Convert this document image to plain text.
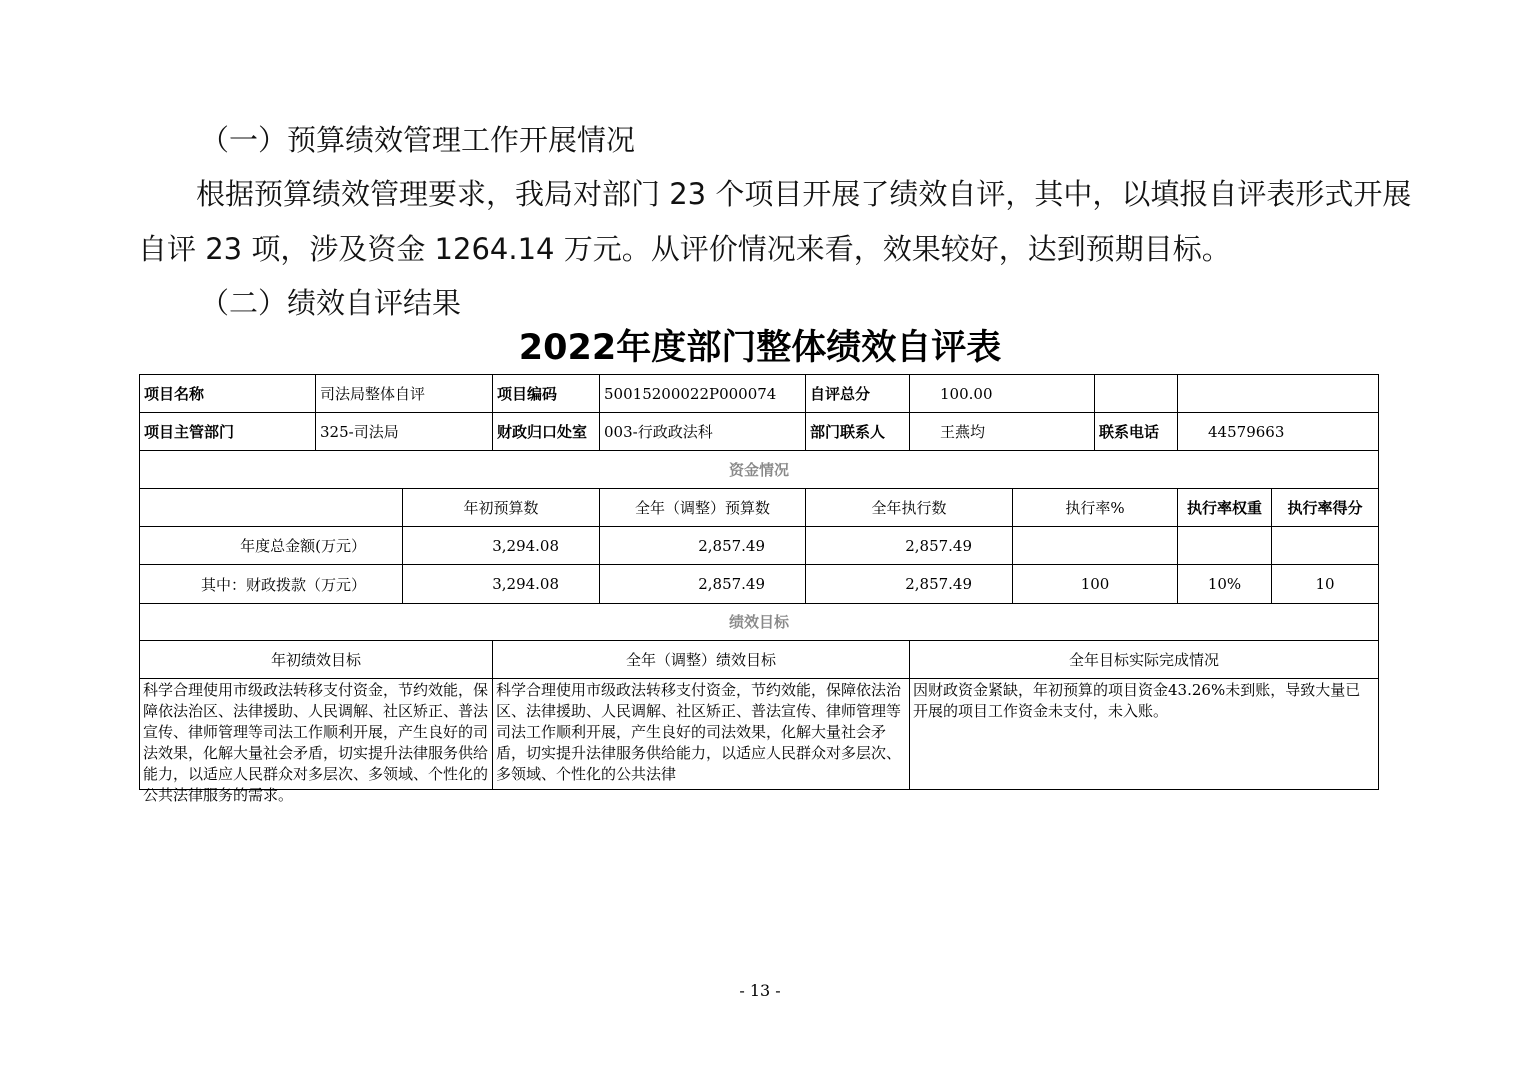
（一）预算绩效管理工作开展情况
根据预算绩效管理要求，我局对部门 23 个项目开展了绩效自评，其中，以填报自评表形式开展
自评 23 项，涉及资金 1264.14 万元。从评价情况来看，效果较好，达到预期目标。
（二）绩效自评结果
2022年度部门整体绩效自评表
项目名称	司法局整体自评		项目编码	50015200022P000074	自评总分	100.00				
项目主管部门	325-司法局		财政归口处室	003-行政政法科	部门联系人	王燕均		联系电话	44579663	
资金情况										
		年初预算数		全年（调整）预算数	全年执行数		执行率%		执行率权重	执行率得分
年度总金额(万元）		3,294.08		2,857.49	2,857.49					
其中：财政拨款（万元）		3,294.08		2,857.49	2,857.49		100		10%	10
绩效目标										
年初绩效目标			全年（调整）绩效目标			全年目标实际完成情况				

科学合理使用市级政法转移支付资金，节约效能，保障依法治区、法律援助、人民调解、社区矫正、普法宣传、律师管理等司法工作顺利开展，产生良好的司法效果，化解大量社会矛盾，切实提升法律服务供给能力，以适应人民群众对多层次、多领域、个性化的公共法律服务的需求。			科学合理使用市级政法转移支付资金，节约效能，保障依法治区、法律援助、人民调解、社区矫正、普法宣传、律师管理等司法工作顺利开展，产生良好的司法效果，化解大量社会矛盾，切实提升法律服务供给能力，以适应人民群众对多层次、多领域、个性化的公共法律			因财政资金紧缺，年初预算的项目资金43.26%未到账，导致大量已开展的项目工作资金未支付，未入账。				
- 13 -
